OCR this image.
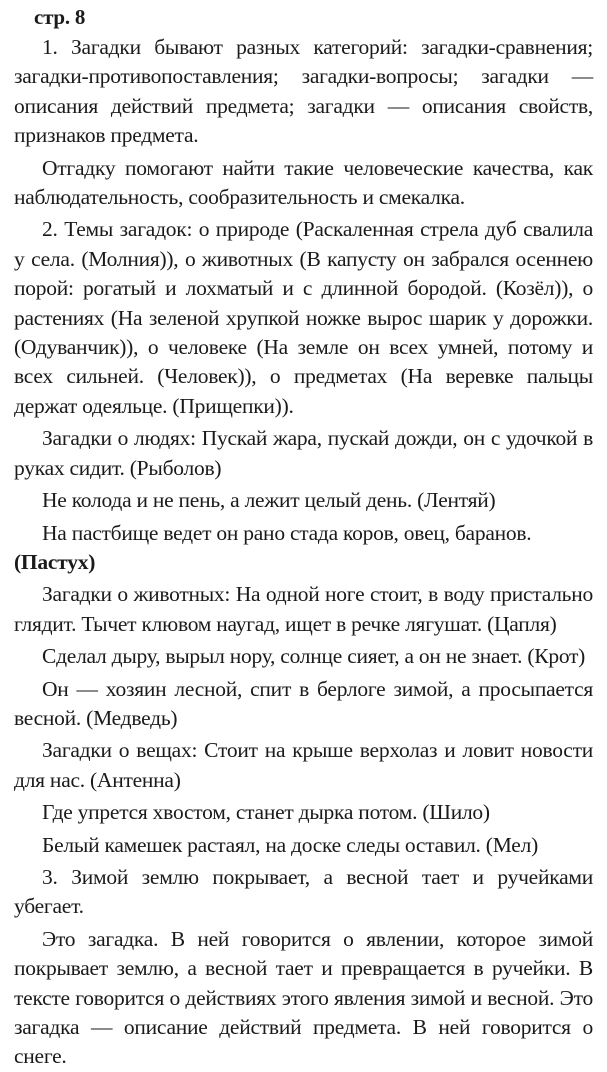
стр. 8

1. Загадки бывают разных категорий: загадки-сравнения; загадки-противопоставления; загадки-вопросы; загадки — описания действий предмета; загадки — описания свойств, признаков предмета.

Отгадку помогают найти такие человеческие качества, как наблюдательность, сообразительность и смекалка.

2. Темы загадок: о природе (Раскаленная стрела дуб свалила у села. (Молния)), о животных (В капусту он забрался осеннею порой: рогатый и лохматый и с длинной бородой. (Козёл)), о растениях (На зеленой хрупкой ножке вырос шарик у дорожки. (Одуванчик)), о человеке (На земле он всех умней, потому и всех сильней. (Человек)), о предметах (На веревке пальцы держат одеяльце. (Прищепки)).

Загадки о людях: Пускай жара, пускай дожди, он с удочкой в руках сидит. (Рыболов)

Не колода и не пень, а лежит целый день. (Лентяй)

На пастбище ведет он рано стада коров, овец, баранов.

(Пастух)

Загадки о животных: На одной ноге стоит, в воду пристально глядит. Тычет клювом наугад, ищет в речке лягушат. (Цапля)

Сделал дыру, вырыл нору, солнце сияет, а он не знает. (Крот)

Он — хозяин лесной, спит в берлоге зимой, а просыпается весной. (Медведь)

Загадки о вещах: Стоит на крыше верхолаз и ловит новости для нас. (Антенна)

Где упрется хвостом, станет дырка потом. (Шило)

Белый камешек растаял, на доске следы оставил. (Мел)

3. Зимой землю покрывает, а весной тает и ручейками убегает.

Это загадка. В ней говорится о явлении, которое зимой покрывает землю, а весной тает и превращается в ручейки. В тексте говорится о действиях этого явления зимой и весной. Это загадка — описание действий предмета. В ней говорится о снеге.
